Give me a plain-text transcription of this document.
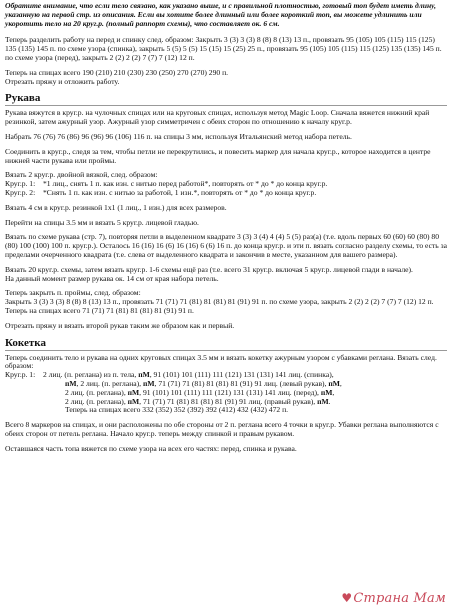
Обратите внимание, что если тело связано, как указано выше, и с правильной плотностью, готовый топ будет иметь длину, указанную на первой стр. из описания. Если вы хотите более длинный или более короткий топ, вы можете удлинить или укоротить тело на 20 круг.р. (полный раппорт схемы), что составляет ок. 6 см.

Теперь разделить работу на перед и спинку след. образом: Закрыть 3 (3) 3 (3) 8 (8) 8 (13) 13 п., провязать 95 (105) 105 (115) 115 (125) 135 (135) 145 п. по схеме узора (спинка), закрыть 5 (5) 5 (5) 15 (15) 15 (25) 25 п., провязать 95 (105) 105 (115) 115 (125) 135 (135) 145 п. по схеме узора (перед), закрыть 2 (2) 2 (2) 7 (7) 7 (12) 12 п.

Теперь на спицах всего 190 (210) 210 (230) 230 (250) 270 (270) 290 п.

Отрезать пряжу и отложить работу.

Рукава

Рукава вяжутся в круг.р. на чулочных спицах или на круговых спицах, используя метод Magic Loop. Сначала вяжется нижний край резинкой, затем ажурный узор. Ажурный узор симметричен с обеих сторон по отношению к началу круг.р.

Набрать 76 (76) 76 (86) 96 (96) 96 (106) 116 п. на спицы 3 мм, используя Итальянский метод набора петель.

Соединить в круг.р., следя за тем, чтобы петли не перекрутились, и повесить маркер для начала круг.р., которое находится в центре нижней части рукава или проймы.

Вязать 2 круг.р. двойной вязкой, след. образом:

Круг.р. 1:	*1 лиц., снять 1 п. как изн. с нитью перед работой*, повторять от * до * до конца круг.р.
Круг.р. 2:	*Снять 1 п. как изн. с нитью за работой, 1 изн.*, повторять от * до * до конца круг.р.

Вязать 4 см в круг.р. резинкой 1х1 (1 лиц., 1 изн.) для всех размеров.

Перейти на спицы 3.5 мм и вязать 5 круг.р. лицевой гладью.

Вязать по схеме рукава (стр. 7), повторяя петли в выделенном квадрате 3 (3) 3 (4) 4 (4) 5 (5) раз(а) (т.е. вдоль первых 60 (60) 60 (80) 80 (80) 100 (100) 100 п. круг.р.). Осталось 16 (16) 16 (6) 16 (16) 6 (6) 16 п. до конца круг.р. и эти п. вязать согласно разделу схемы, то есть за пределами очерченного квадрата (т.е. слева от выделенного квадрата и закончив в месте, указанном для вашего размера).

Вязать 20 круг.р. схемы, затем вязать круг.р. 1-6 схемы ещё раз (т.е. всего 31 круг.р. включая 5 круг.р. лицевой глади в начале).

На данный момент размер рукава ок. 14 см от края набора петель.

Теперь закрыть п. проймы, след. образом:

Закрыть 3 (3) 3 (3) 8 (8) 8 (13) 13 п., провязать 71 (71) 71 (81) 81 (81) 81 (91) 91 п. по схеме узора, закрыть 2 (2) 2 (2) 7 (7) 7 (12) 12 п. Теперь на спицах всего 71 (71) 71 (81) 81 (81) 81 (91) 91 п.

Отрезать пряжу и вязать второй рукав таким же образом как и первый.

Кокетка

Теперь соединить тело и рукава на одних круговых спицах 3.5 мм и вязать кокетку ажурным узором с убавками реглана. Вязать след. образом:

Круг.р. 1:	2 лиц. (п. реглана) из п. тела, пМ, 91 (101) 101 (111) 111 (121) 131 (131) 141 лиц. (спинка),
пМ, 2 лиц. (п. реглана), пМ, 71 (71) 71 (81) 81 (81) 81 (91) 91 лиц. (левый рукав), пМ,
2 лиц. (п. реглана), пМ, 91 (101) 101 (111) 111 (121) 131 (131) 141 лиц. (перед), пМ,
2 лиц. (п. реглана), пМ, 71 (71) 71 (81) 81 (81) 81 (91) 91 лиц. (правый рукав), пМ.
Теперь на спицах всего 332 (352) 352 (392) 392 (412) 432 (432) 472 п.

Всего 8 маркеров на спицах, и они расположены по обе стороны от 2 п. реглана всего 4 точки в круг.р. Убавки реглана выполняются с обеих сторон от петель реглана. Начало круг.р. теперь между спинкой и правым рукавом.

Оставшаяся часть топа вяжется по схеме узора на всех его частях: перед, спинка и рукава.

♥Страна Мам
